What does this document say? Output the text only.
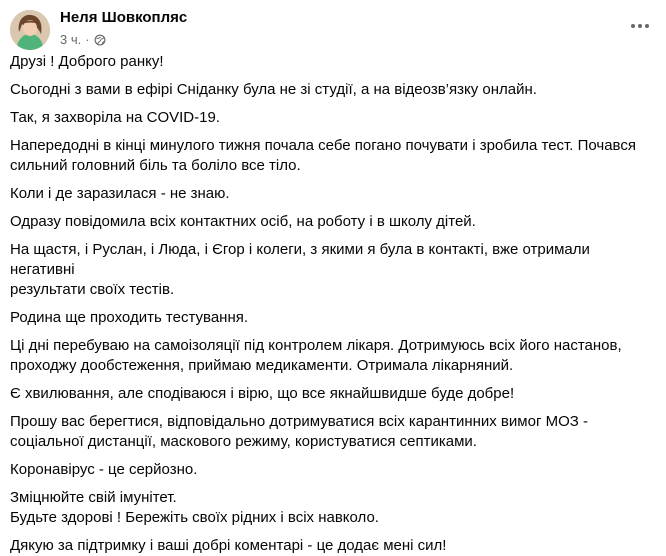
Неля Шовкопляс
3 ч. ·

Друзі ! Доброго ранку!

Сьогодні з вами в ефірі Сніданку була не зі студії, а на відеозв’язку онлайн.

Так, я захворіла на COVID-19.

Напередодні в кінці минулого тижня почала себе погано почувати і зробила тест. Почався
сильний головний біль та боліло все тіло.

Коли і де заразилася - не знаю.

Одразу повідомила всіх контактних осіб, на роботу і в школу дітей.

На щастя, і Руслан, і Люда, і Єгор і колеги, з якими я була в контакті, вже отримали негативні
результати своїх тестів.

Родина ще проходить тестування.

Ці дні перебуваю на самоізоляції під контролем лікаря. Дотримуюсь всіх його настанов,
проходжу дообстеження, приймаю медикаменти. Отримала лікарняний.

Є хвилювання, але сподіваюся і вірю, що все якнайшвидше буде добре!

Прошу вас берегтися, відповідально дотримуватися всіх карантинних вимог МОЗ -
соціальної дистанції, маскового режиму, користуватися септиками.

Коронавірус - це серйозно.

Зміцнюйте свій імунітет.
Будьте здорові ! Бережіть своїх рідних і всіх навколо.

Дякую за підтримку і ваші добрі коментарі - це додає мені сил!
